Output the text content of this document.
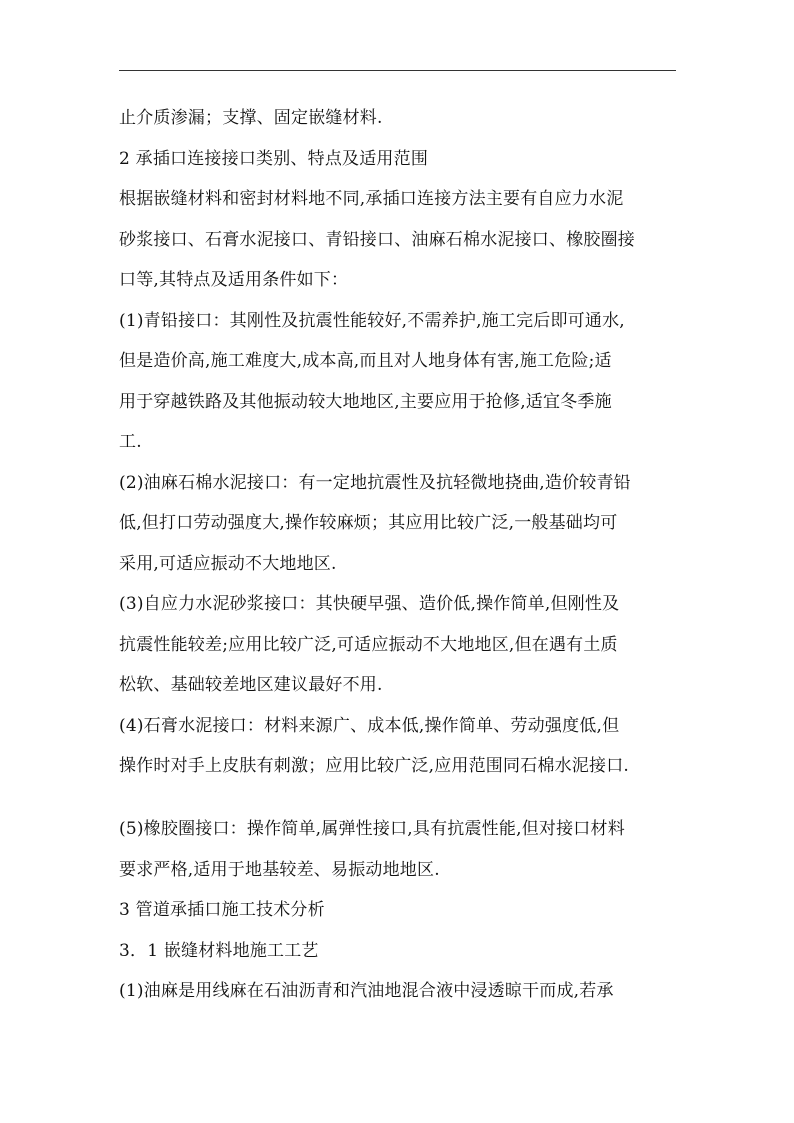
止介质渗漏；支撑、固定嵌缝材料.
2 承插口连接接口类别、特点及适用范围
根据嵌缝材料和密封材料地不同,承插口连接方法主要有自应力水泥
砂浆接口、石膏水泥接口、青铅接口、油麻石棉水泥接口、橡胶圈接
口等,其特点及适用条件如下：
(1)青铅接口：其刚性及抗震性能较好,不需养护,施工完后即可通水,
但是造价高,施工难度大,成本高,而且对人地身体有害,施工危险;适
用于穿越铁路及其他振动较大地地区,主要应用于抢修,适宜冬季施
工.
(2)油麻石棉水泥接口：有一定地抗震性及抗轻微地挠曲,造价较青铅
低,但打口劳动强度大,操作较麻烦；其应用比较广泛,一般基础均可
采用,可适应振动不大地地区.
(3)自应力水泥砂浆接口：其快硬早强、造价低,操作简单,但刚性及
抗震性能较差;应用比较广泛,可适应振动不大地地区,但在遇有土质
松软、基础较差地区建议最好不用.
(4)石膏水泥接口：材料来源广、成本低,操作简单、劳动强度低,但
操作时对手上皮肤有刺激；应用比较广泛,应用范围同石棉水泥接口.
(5)橡胶圈接口：操作简单,属弹性接口,具有抗震性能,但对接口材料
要求严格,适用于地基较差、易振动地地区.
3 管道承插口施工技术分析
3．1 嵌缝材料地施工工艺
(1)油麻是用线麻在石油沥青和汽油地混合液中浸透晾干而成,若承
